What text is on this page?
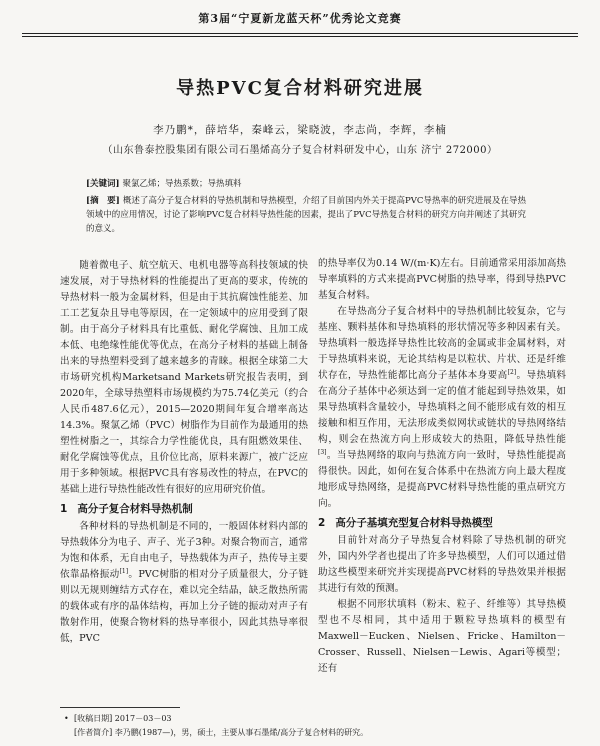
第3届“宁夏新龙蓝天杯”优秀论文竞赛
导热PVC复合材料研究进展
李乃鹏*，薛培华，秦峰云，梁晓波，李志尚，李辉，李楠
（山东鲁泰控股集团有限公司石墨烯高分子复合材料研发中心，山东 济宁 272000）
[关键词] 聚氯乙烯；导热系数；导热填料
[摘　要] 概述了高分子复合材料的导热机制和导热模型，介绍了目前国内外关于提高PVC导热率的研究进展及在导热领域中的应用情况，讨论了影响PVC复合材料导热性能的因素，提出了PVC导热复合材料的研究方向并阐述了其研究的意义。

随着微电子、航空航天、电机电器等高科技领域的快速发展，对于导热材料的性能提出了更高的要求，传统的导热材料一般为金属材料，但是由于其抗腐蚀性能差、加工工艺复杂且导电等原因，在一定领域中的应用受到了限制。由于高分子材料具有比重低、耐化学腐蚀、且加工成本低、电绝缘性能优等优点，在高分子材料的基础上制备出来的导热塑料受到了越来越多的青睐。根据全球第二大市场研究机构Marketsand Markets研究报告表明，到2020年，全球导热塑料市场规模约为75.74亿美元（约合人民币487.6亿元），2015—2020期间年复合增率高达14.3%。聚氯乙烯（PVC）树脂作为目前作为最通用的热塑性树脂之一，其综合力学性能优良，具有阻燃效果佳、耐化学腐蚀等优点，且价位比高，原料来源广，被广泛应用于多种领域。根据PVC具有容易改性的特点，在PVC的基础上进行导热性能改性有很好的应用研究价值。

1 高分子复合材料导热机制

各种材料的导热机制是不同的，一般固体材料内部的导热载体分为电子、声子、光子3种。对聚合物而言，通常为饱和体系，无自由电子，导热载体为声子，热传导主要依靠晶格振动[1]。PVC树脂的相对分子质量很大，分子链则以无规则缠结方式存在，难以完全结晶，缺乏散热所需的载体或有序的晶体结构，再加上分子链的振动对声子有散射作用，使聚合物材料的热导率很小，因此其热导率很低，PVC

的热导率仅为0.14 W/(m·K)左右。目前通常采用添加高热导率填料的方式来提高PVC树脂的热导率，得到导热PVC基复合材料。

在导热高分子复合材料中的导热机制比较复杂，它与基座、颗料基体和导热填料的形状情况等多种因素有关。导热填料一般选择导热性比较高的金属或非金属材料，对于导热填料来说，无论其结构是以粒状、片状、还是纤维状存在，导热性能都比高分子基体本身要高[2]。导热填料在高分子基体中必须达到一定的值才能起到导热效果，如果导热填料含量较小，导热填料之间不能形成有效的相互接触和相互作用，无法形成类似网状或链状的导热网络结构，则会在热流方向上形成较大的热阻，降低导热性能[3]。当导热网络的取向与热流方向一致时，导热性能提高得很快。因此，如何在复合体系中在热流方向上最大程度地形成导热网络，是提高PVC材料导热性能的重点研究方向。

2 高分子基填充型复合材料导热模型

目前针对高分子导热复合材料除了导热机制的研究外，国内外学者也提出了许多导热模型，人们可以通过借助这些模型来研究并实现提高PVC材料的导热效果并根据其进行有效的预测。

根据不同形状填料（粉末、粒子、纤维等）其导热模型也不尽相同，其中适用于颗粒导热填料的模型有Maxwell－Eucken、Nielsen、Fricke、Hamilton－Crosser、Russell、Nielsen－Lewis、Agari等模型；还有

• [收稿日期] 2017－03－03
[作者简介] 李乃鹏(1987—)，男，硕士，主要从事石墨烯/高分子复合材料的研究。
